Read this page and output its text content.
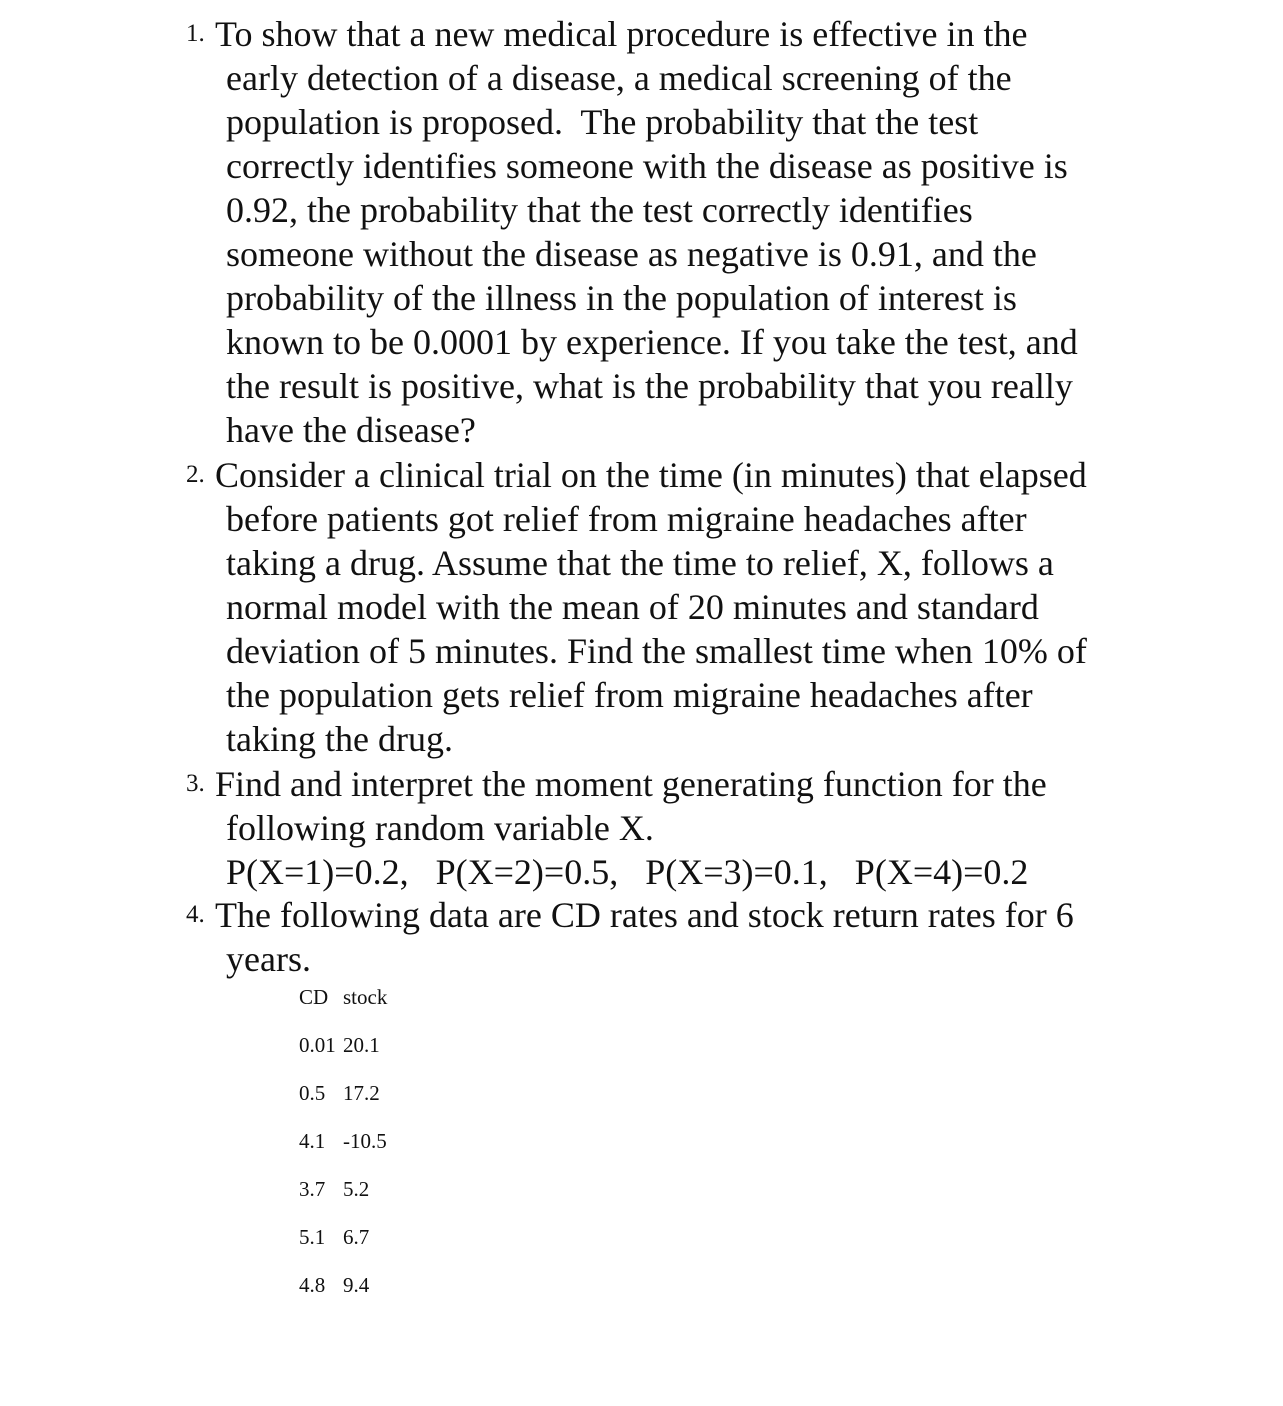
1. To show that a new medical procedure is effective in the
early detection of a disease, a medical screening of the
population is proposed.  The probability that the test
correctly identifies someone with the disease as positive is
0.92, the probability that the test correctly identifies
someone without the disease as negative is 0.91, and the
probability of the illness in the population of interest is
known to be 0.0001 by experience. If you take the test, and
the result is positive, what is the probability that you really
have the disease?
2. Consider a clinical trial on the time (in minutes) that elapsed
before patients got relief from migraine headaches after
taking a drug. Assume that the time to relief, X, follows a
normal model with the mean of 20 minutes and standard
deviation of 5 minutes. Find the smallest time when 10% of
the population gets relief from migraine headaches after
taking the drug.
3. Find and interpret the moment generating function for the
following random variable X.
P(X=1)=0.2,   P(X=2)=0.5,   P(X=3)=0.1,   P(X=4)=0.2
4. The following data are CD rates and stock return rates for 6
years.

CD

stock

0.01

20.1

0.5

17.2

4.1

-10.5

3.7

5.2

5.1

6.7

4.8

9.4
